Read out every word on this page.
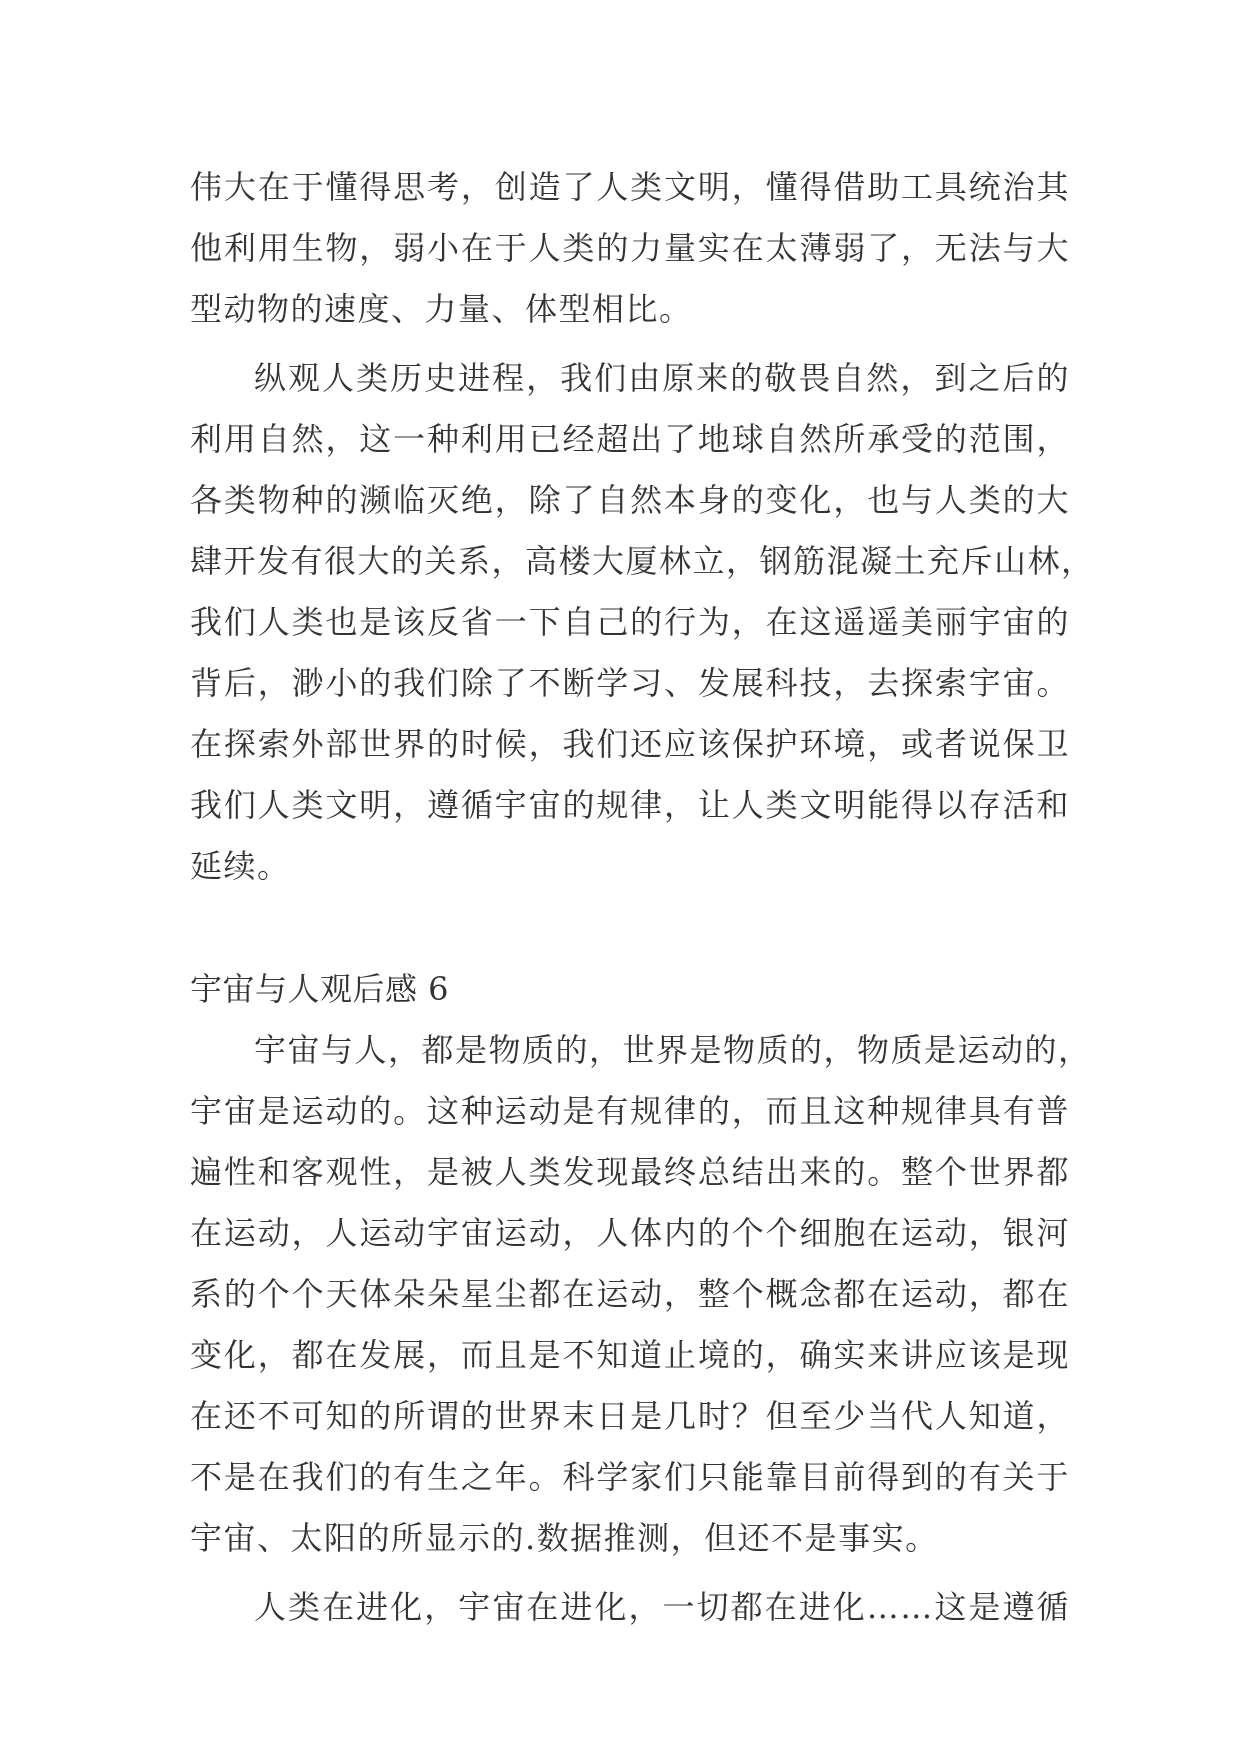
伟大在于懂得思考，创造了人类文明，懂得借助工具统治其
他利用生物，弱小在于人类的力量实在太薄弱了，无法与大
型动物的速度、力量、体型相比。
纵观人类历史进程，我们由原来的敬畏自然，到之后的
利用自然，这一种利用已经超出了地球自然所承受的范围，
各类物种的濒临灭绝，除了自然本身的变化，也与人类的大
肆开发有很大的关系，高楼大厦林立，钢筋混凝土充斥山林，
我们人类也是该反省一下自己的行为，在这遥遥美丽宇宙的
背后，渺小的我们除了不断学习、发展科技，去探索宇宙。
在探索外部世界的时候，我们还应该保护环境，或者说保卫
我们人类文明，遵循宇宙的规律，让人类文明能得以存活和
延续。
宇宙与人观后感 6
宇宙与人，都是物质的，世界是物质的，物质是运动的，
宇宙是运动的。这种运动是有规律的，而且这种规律具有普
遍性和客观性，是被人类发现最终总结出来的。整个世界都
在运动，人运动宇宙运动，人体内的个个细胞在运动，银河
系的个个天体朵朵星尘都在运动，整个概念都在运动，都在
变化，都在发展，而且是不知道止境的，确实来讲应该是现
在还不可知的所谓的世界末日是几时？但至少当代人知道，
不是在我们的有生之年。科学家们只能靠目前得到的有关于
宇宙、太阳的所显示的.数据推测，但还不是事实。
人类在进化，宇宙在进化，一切都在进化……这是遵循
